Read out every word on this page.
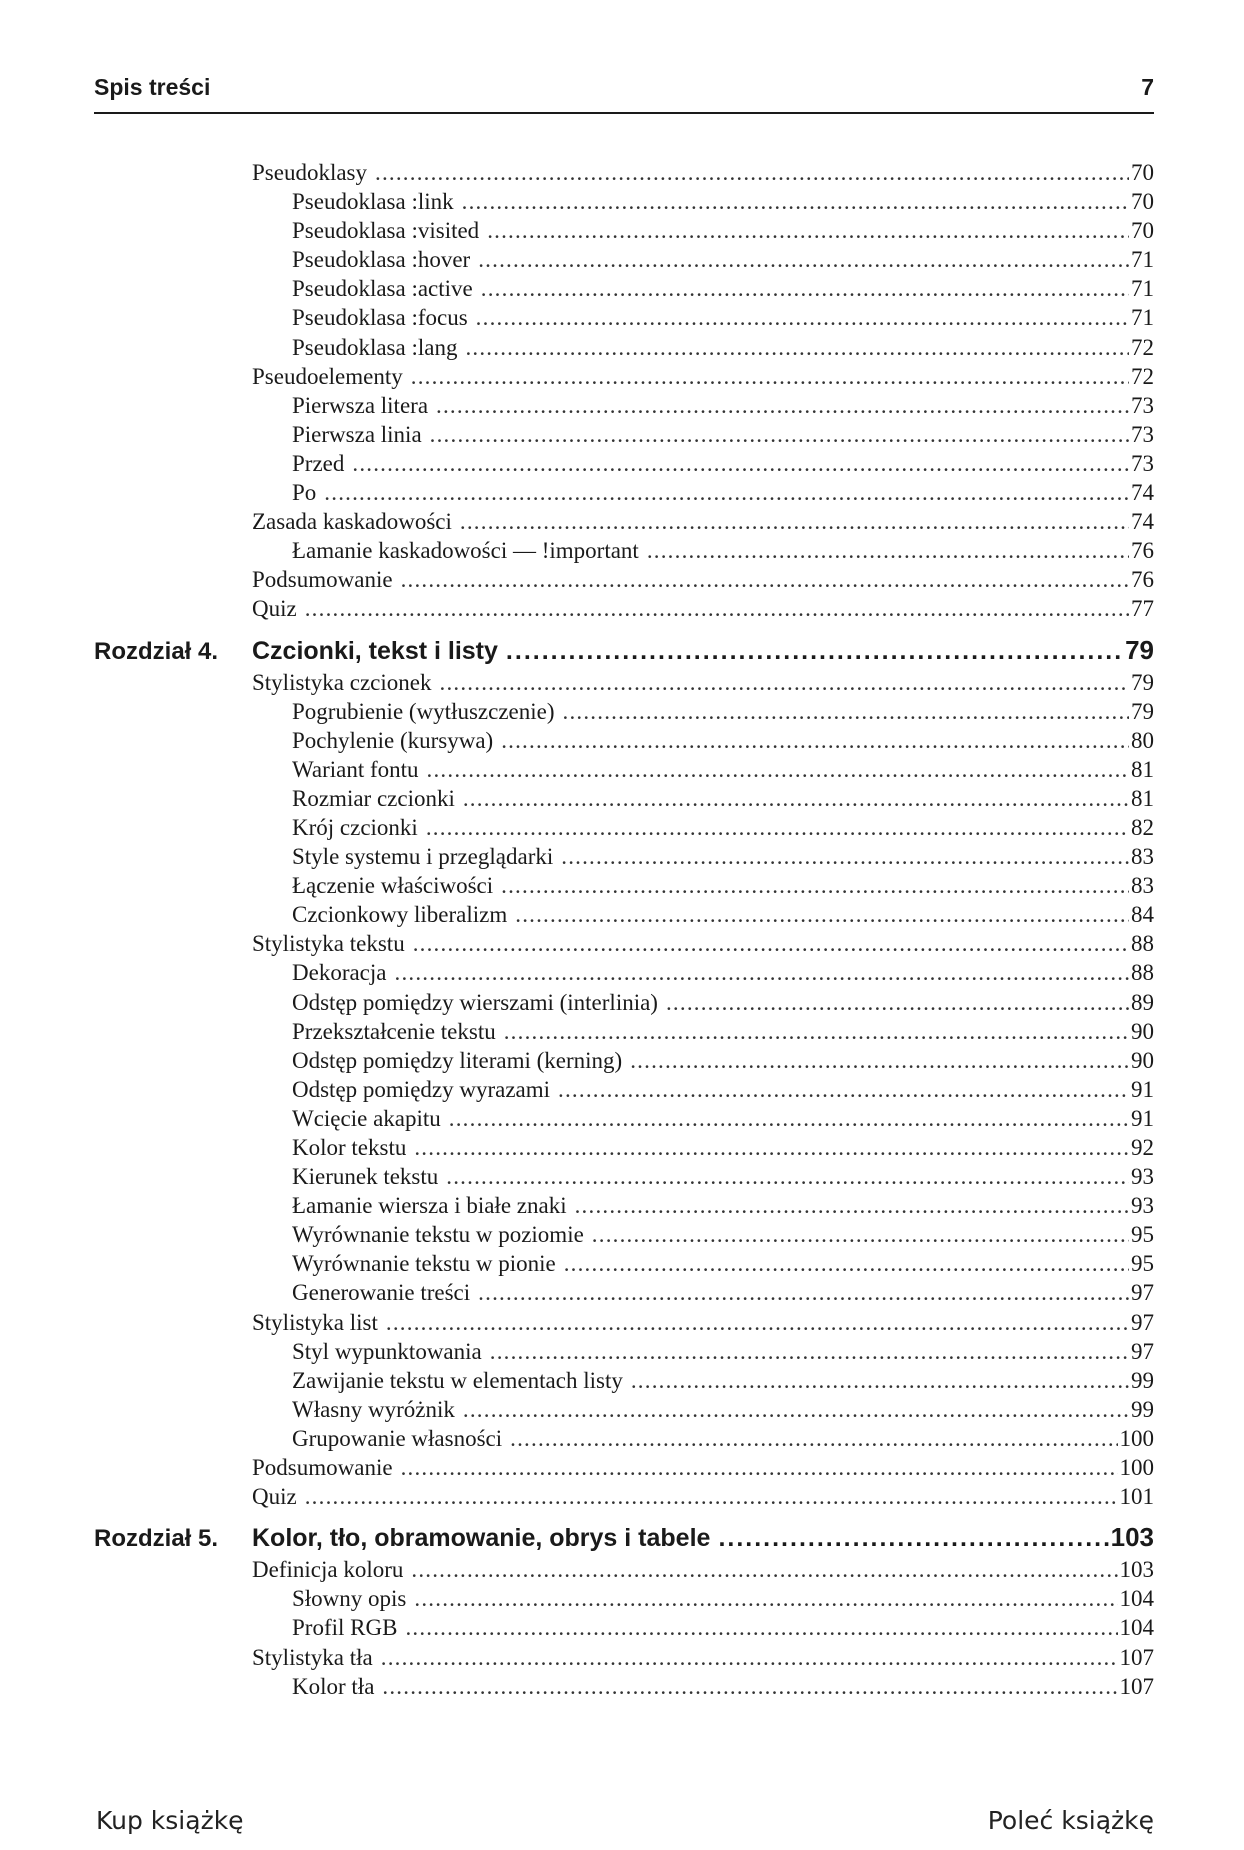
Spis treści	7
Pseudoklasy .....	70
Pseudoklasa :link .....	70
Pseudoklasa :visited .....	70
Pseudoklasa :hover .....	71
Pseudoklasa :active .....	71
Pseudoklasa :focus .....	71
Pseudoklasa :lang .....	72
Pseudoelementy .....	72
Pierwsza litera .....	73
Pierwsza linia .....	73
Przed .....	73
Po .....	74
Zasada kaskadowości .....	74
Łamanie kaskadowości — !important .....	76
Podsumowanie .....	76
Quiz .....	77
Rozdział 4.	Czcionki, tekst i listy .....	79
Stylistyka czcionek .....	79
Pogrubienie (wytłuszczenie) .....	79
Pochylenie (kursywa) .....	80
Wariant fontu .....	81
Rozmiar czcionki .....	81
Krój czcionki .....	82
Style systemu i przeglądarki .....	83
Łączenie właściwości .....	83
Czcionkowy liberalizm .....	84
Stylistyka tekstu .....	88
Dekoracja .....	88
Odstęp pomiędzy wierszami (interlinia) .....	89
Przekształcenie tekstu .....	90
Odstęp pomiędzy literami (kerning) .....	90
Odstęp pomiędzy wyrazami .....	91
Wcięcie akapitu .....	91
Kolor tekstu .....	92
Kierunek tekstu .....	93
Łamanie wiersza i białe znaki .....	93
Wyrównanie tekstu w poziomie .....	95
Wyrównanie tekstu w pionie .....	95
Generowanie treści .....	97
Stylistyka list .....	97
Styl wypunktowania .....	97
Zawijanie tekstu w elementach listy .....	99
Własny wyróżnik .....	99
Grupowanie własności .....	100
Podsumowanie .....	100
Quiz .....	101
Rozdział 5.	Kolor, tło, obramowanie, obrys i tabele .....	103
Definicja koloru .....	103
Słowny opis .....	104
Profil RGB .....	104
Stylistyka tła .....	107
Kolor tła .....	107
Kup książkę	Poleć książkę
